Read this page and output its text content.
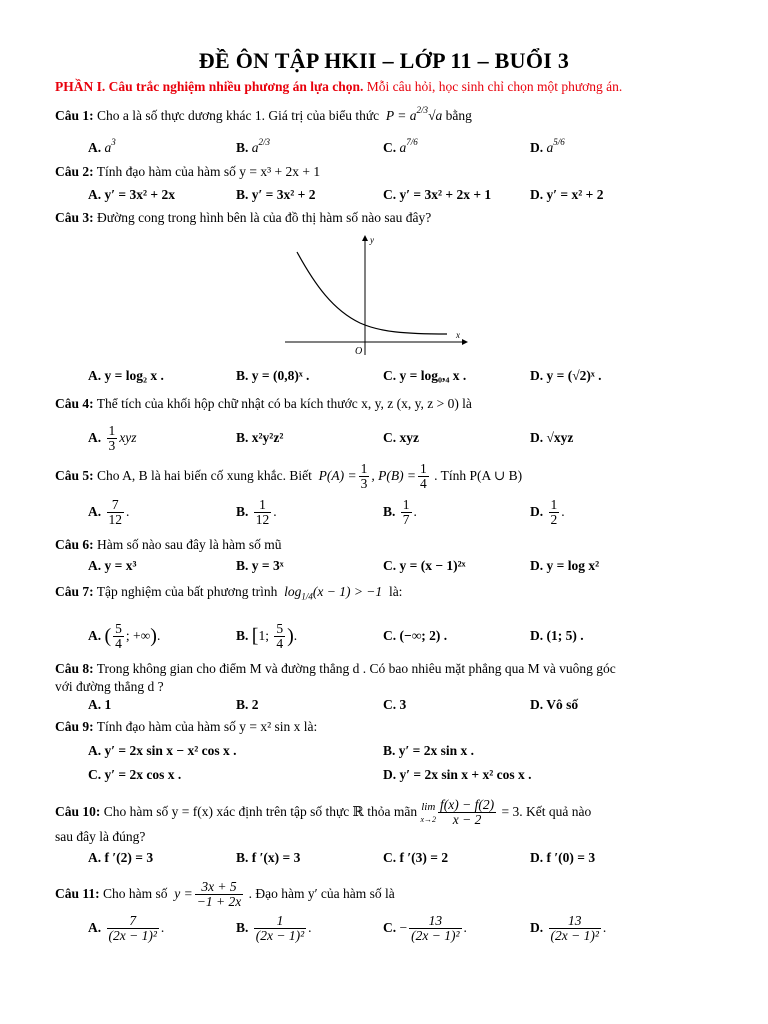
ĐỀ ÔN TẬP HKII – LỚP 11 – BUỔI 3
PHẦN I. Câu trắc nghiệm nhiều phương án lựa chọn. Mỗi câu hỏi, học sinh chỉ chọn một phương án.
Câu 1: Cho a là số thực dương khác 1. Giá trị của biểu thức  $P = a^{2/3}√a$ bằng
A. $a^3$	B. $a^{2/3}$	C. $a^{7/6}$	D. $a^{5/6}$
Câu 2: Tính đạo hàm của hàm số y = x³ + 2x + 1
A. y′ = 3x² + 2x	B. y′ = 3x² + 2	C. y′ = 3x² + 2x + 1	D. y′ = x² + 2
Câu 3: Đường cong trong hình bên là của đồ thị hàm số nào sau đây?
y
x
O
A. y = log₂ x .	B. y = (0,8)ˣ .	C. y = log₀,₄ x .	D. y = (√2)ˣ .
Câu 4: Thể tích của khối hộp chữ nhật có ba kích thước x, y, z (x, y, z > 0) là
A. $\frac{1}{3}$ xyz	B. x²y²z²	C. xyz	D. √xyz
Câu 5: Cho A, B là hai biến cố xung khắc. Biết  $P(A) = \frac{1}{3}$ , $P(B) = \frac{1}{4}$ . Tính P(A ∪ B)
A. $\frac{7}{12}$ .	B. $\frac{1}{12}$ .	B. $\frac{1}{7}$ .	D. $\frac{1}{2}$ .
Câu 6: Hàm số nào sau đây là hàm số mũ
A. y = x³	B. y = 3ˣ	C. y = (x − 1)²ˣ	D. y = log x²
Câu 7: Tập nghiệm của bất phương trình  $\log_{1/4}(x - 1) > -1$  là:
A. ( $\frac{5}{4}$ ; +∞).	B. [1; $\frac{5}{4}$ ).	C. (−∞; 2) .	D. (1; 5) .
Câu 8: Trong không gian cho điểm M và đường thẳng d . Có bao nhiêu mặt phẳng qua M và vuông góc
với đường thẳng d ?
A. 1	B. 2	C. 3	D. Vô số
Câu 9: Tính đạo hàm của hàm số y = x² sin x là:
A. y′ = 2x sin x − x² cos x .	B. y′ = 2x sin x .
C. y′ = 2x cos x .	D. y′ = 2x sin x + x² cos x .
Câu 10: Cho hàm số y = f(x) xác định trên tập số thực ℝ thỏa mãn lim
$x\to 2 \frac{f(x) - f(2)}{x - 2} = 3$. Kết quả nào
sau đây là đúng?
A. f ′(2) = 3	B. f ′(x) = 3	C. f ′(3) = 2	D. f ′(0) = 3
Câu 11: Cho hàm số  $y = \frac{3x + 5}{-1 + 2x}$ . Đạo hàm y′ của hàm số là
A. $\frac{7}{\text{(2x − 1)²}}$ .	B. $\frac{1}{\text{(2x − 1)²}}$ .	C. − $\frac{13}{\text{(2x − 1)²}}$ .	D. $\frac{13}{\text{(2x − 1)²}}$ .
